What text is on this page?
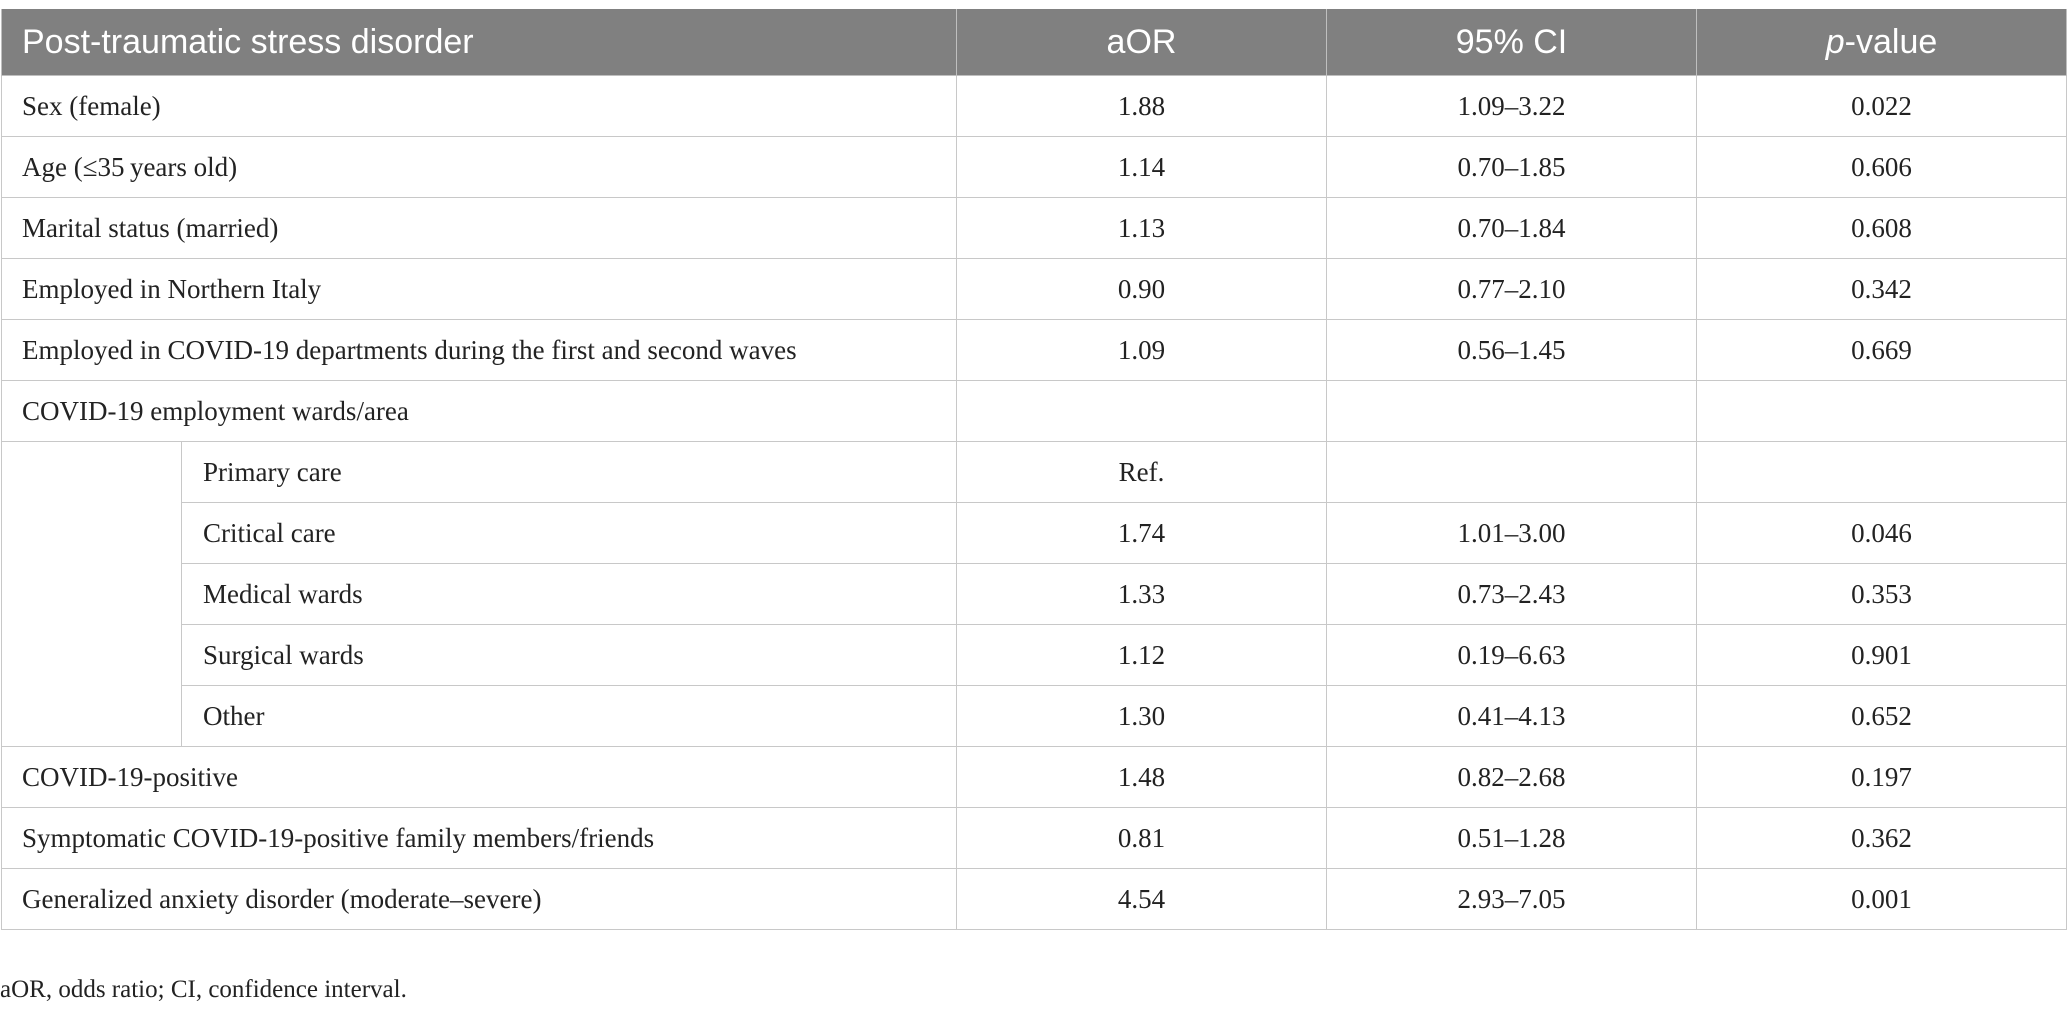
Post-traumatic stress disorder		aOR	95% CI	p-value
Sex (female)		1.88	1.09–3.22	0.022
Age (≤35 years old)		1.14	0.70–1.85	0.606
Marital status (married)		1.13	0.70–1.84	0.608
Employed in Northern Italy		0.90	0.77–2.10	0.342
Employed in COVID-19 departments during the first and second waves		1.09	0.56–1.45	0.669
COVID-19 employment wards/area				
	Primary care	Ref.		
	Critical care	1.74	1.01–3.00	0.046
	Medical wards	1.33	0.73–2.43	0.353
	Surgical wards	1.12	0.19–6.63	0.901
	Other	1.30	0.41–4.13	0.652
COVID-19-positive		1.48	0.82–2.68	0.197
Symptomatic COVID-19-positive family members/friends		0.81	0.51–1.28	0.362
Generalized anxiety disorder (moderate–severe)		4.54	2.93–7.05	0.001
aOR, odds ratio; CI, confidence interval.
